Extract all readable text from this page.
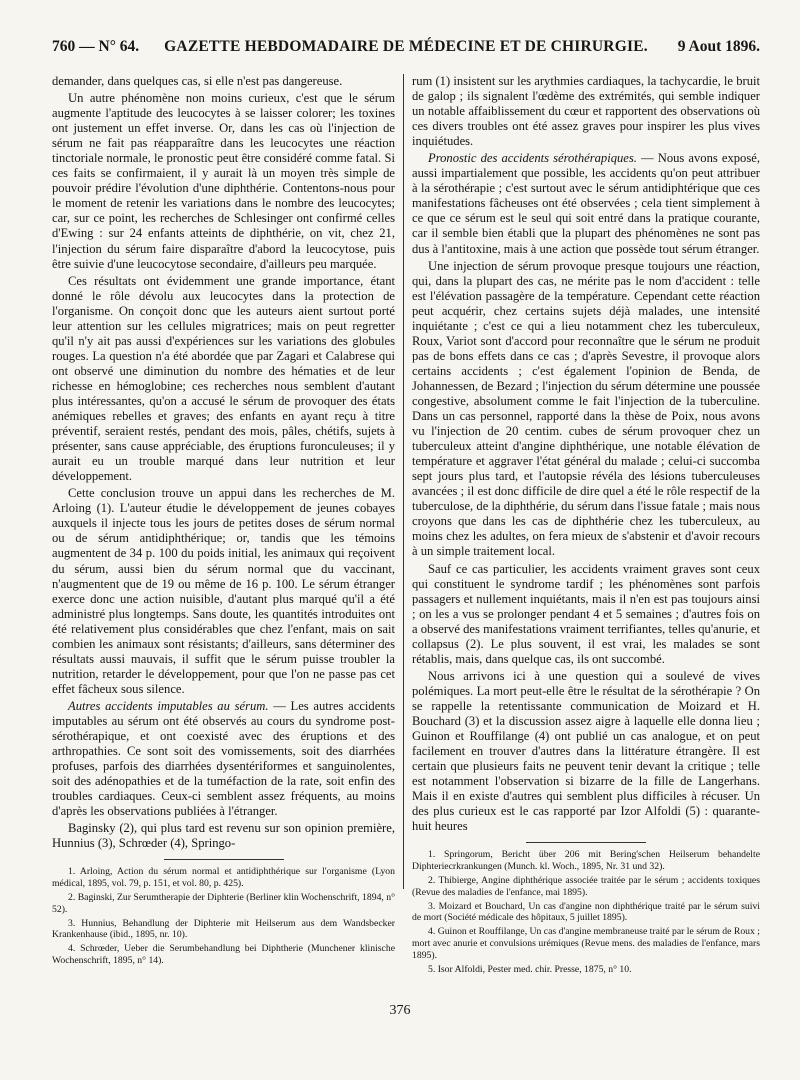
760 — N° 64.	GAZETTE HEBDOMADAIRE DE MÉDECINE ET DE CHIRURGIE.	9 Aout 1896.

demander, dans quelques cas, si elle n'est pas dangereuse.

Un autre phénomène non moins curieux, c'est que le sérum augmente l'aptitude des leucocytes à se laisser colorer; les toxines ont justement un effet inverse. Or, dans les cas où l'injection de sérum ne fait pas réapparaître dans les leucocytes une réaction tinctoriale normale, le pronostic peut être considéré comme fatal. Si ces faits se confirmaient, il y aurait là un moyen très simple de pouvoir prédire l'évolution d'une diphthérie. Contentons-nous pour le moment de retenir les variations dans le nombre des leucocytes; car, sur ce point, les recherches de Schlesinger ont confirmé celles d'Ewing : sur 24 enfants atteints de diphthérie, on vit, chez 21, l'injection du sérum faire disparaître d'abord la leucocytose, puis être suivie d'une leucocytose secondaire, d'ailleurs peu marquée.

Ces résultats ont évidemment une grande importance, étant donné le rôle dévolu aux leucocytes dans la protection de l'organisme. On conçoit donc que les auteurs aient surtout porté leur attention sur les cellules migratrices; mais on peut regretter qu'il n'y ait pas aussi d'expériences sur les variations des globules rouges. La question n'a été abordée que par Zagari et Calabrese qui ont observé une diminution du nombre des hématies et de leur richesse en hémoglobine; ces recherches nous semblent d'autant plus intéressantes, qu'on a accusé le sérum de provoquer des états anémiques rebelles et graves; des enfants en ayant reçu à titre préventif, seraient restés, pendant des mois, pâles, chétifs, sujets à présenter, sans cause appréciable, des éruptions furonculeuses; il y aurait eu un trouble marqué dans leur nutrition et leur développement.

Cette conclusion trouve un appui dans les recherches de M. Arloing (1). L'auteur étudie le développement de jeunes cobayes auxquels il injecte tous les jours de petites doses de sérum normal ou de sérum antidiphthérique; or, tandis que les témoins augmentent de 34 p. 100 du poids initial, les animaux qui reçoivent du sérum, aussi bien du sérum normal que du vaccinant, n'augmentent que de 19 ou même de 16 p. 100. Le sérum étranger exerce donc une action nuisible, d'autant plus marqué qu'il a été administré plus longtemps. Sans doute, les quantités introduites ont été relativement plus considérables que chez l'enfant, mais on sait combien les animaux sont résistants; d'ailleurs, sans déterminer des résultats aussi mauvais, il suffit que le sérum puisse troubler la nutrition, retarder le développement, pour que l'on ne passe pas cet effet fâcheux sous silence.

Autres accidents imputables au sérum. — Les autres accidents imputables au sérum ont été observés au cours du syndrome post-sérothérapique, et ont coexisté avec des éruptions et des arthropathies. Ce sont soit des vomissements, soit des diarrhées profuses, parfois des diarrhées dysentériformes et sanguinolentes, soit des adénopathies et de la tuméfaction de la rate, soit enfin des troubles cardiaques. Ceux-ci semblent assez fréquents, au moins d'après les observations publiées à l'étranger.

Baginsky (2), qui plus tard est revenu sur son opinion première, Hunnius (3), Schrœder (4), Springo-

1. Arloing, Action du sérum normal et antidiphthérique sur l'organisme (Lyon médical, 1895, vol. 79, p. 151, et vol. 80, p. 425).

2. Baginski, Zur Serumtherapie der Diphterie (Berliner klin Wochenschrift, 1894, n° 52).

3. Hunnius, Behandlung der Diphterie mit Heilserum aus dem Wandsbecker Krankenhause (ibid., 1895, nr. 10).

4. Schrœder, Ueber die Serumbehandlung bei Diphtherie (Munchener klinische Wochenschrift, 1895, n° 14).

rum (1) insistent sur les arythmies cardiaques, la tachycardie, le bruit de galop ; ils signalent l'œdème des extrémités, qui semble indiquer un notable affaiblissement du cœur et rapportent des observations où ces divers troubles ont été assez graves pour inspirer les plus vives inquiétudes.

Pronostic des accidents sérothérapiques. — Nous avons exposé, aussi impartialement que possible, les accidents qu'on peut attribuer à la sérothérapie ; c'est surtout avec le sérum antidiphtérique que ces manifestations fâcheuses ont été observées ; cela tient simplement à ce que ce sérum est le seul qui soit entré dans la pratique courante, car il semble bien établi que la plupart des phénomènes ne sont pas dus à l'antitoxine, mais à une action que possède tout sérum étranger.

Une injection de sérum provoque presque toujours une réaction, qui, dans la plupart des cas, ne mérite pas le nom d'accident : telle est l'élévation passagère de la température. Cependant cette réaction peut acquérir, chez certains sujets déjà malades, une intensité inquiétante ; c'est ce qui a lieu notamment chez les tuberculeux, Roux, Variot sont d'accord pour reconnaître que le sérum ne produit pas de bons effets dans ce cas ; d'après Sevestre, il provoque alors certains accidents ; c'est également l'opinion de Benda, de Johannessen, de Bezard ; l'injection du sérum détermine une poussée congestive, absolument comme le fait l'injection de la tuberculine. Dans un cas personnel, rapporté dans la thèse de Poix, nous avons vu l'injection de 20 centim. cubes de sérum provoquer chez un tuberculeux atteint d'angine diphthérique, une notable élévation de température et aggraver l'état général du malade ; celui-ci succomba sept jours plus tard, et l'autopsie révéla des lésions tuberculeuses avancées ; il est donc difficile de dire quel a été le rôle respectif de la tuberculose, de la diphthérie, du sérum dans l'issue fatale ; mais nous croyons que dans les cas de diphthérie chez les tuberculeux, au moins chez les adultes, on fera mieux de s'abstenir et d'avoir recours à un simple traitement local.

Sauf ce cas particulier, les accidents vraiment graves sont ceux qui constituent le syndrome tardif ; les phénomènes sont parfois passagers et nullement inquiétants, mais il n'en est pas toujours ainsi ; on les a vus se prolonger pendant 4 et 5 semaines ; d'autres fois on a observé des manifestations vraiment terrifiantes, telles qu'anurie, et collapsus (2). Le plus souvent, il est vrai, les malades se sont rétablis, mais, dans quelque cas, ils ont succombé.

Nous arrivons ici à une question qui a soulevé de vives polémiques. La mort peut-elle être le résultat de la sérothérapie ? On se rappelle la retentissante communication de Moizard et H. Bouchard (3) et la discussion assez aigre à laquelle elle donna lieu ; Guinon et Rouffilange (4) ont publié un cas analogue, et on peut facilement en trouver d'autres dans la littérature étrangère. Il est certain que plusieurs faits ne peuvent tenir devant la critique ; telle est notamment l'observation si bizarre de la fille de Langerhans. Mais il en existe d'autres qui semblent plus difficiles à récuser. Un des plus curieux est le cas rapporté par Izor Alfoldi (5) : quarante-huit heures

1. Springorum, Bericht über 206 mit Bering'schen Heilserum behandelte Diphteriecrkrankungen (Munch. kl. Woch., 1895, Nr. 31 und 32).

2. Thibierge, Angine diphthérique associée traitée par le sérum ; accidents toxiques (Revue des maladies de l'enfance, mai 1895).

3. Moizard et Bouchard, Un cas d'angine non diphthérique traité par le sérum suivi de mort (Société médicale des hôpitaux, 5 juillet 1895).

4. Guinon et Rouffilange, Un cas d'angine membraneuse traité par le sérum de Roux ; mort avec anurie et convulsions urémiques (Revue mens. des maladies de l'enfance, mars 1895).

5. Isor Alfoldi, Pester med. chir. Presse, 1875, n° 10.

376
